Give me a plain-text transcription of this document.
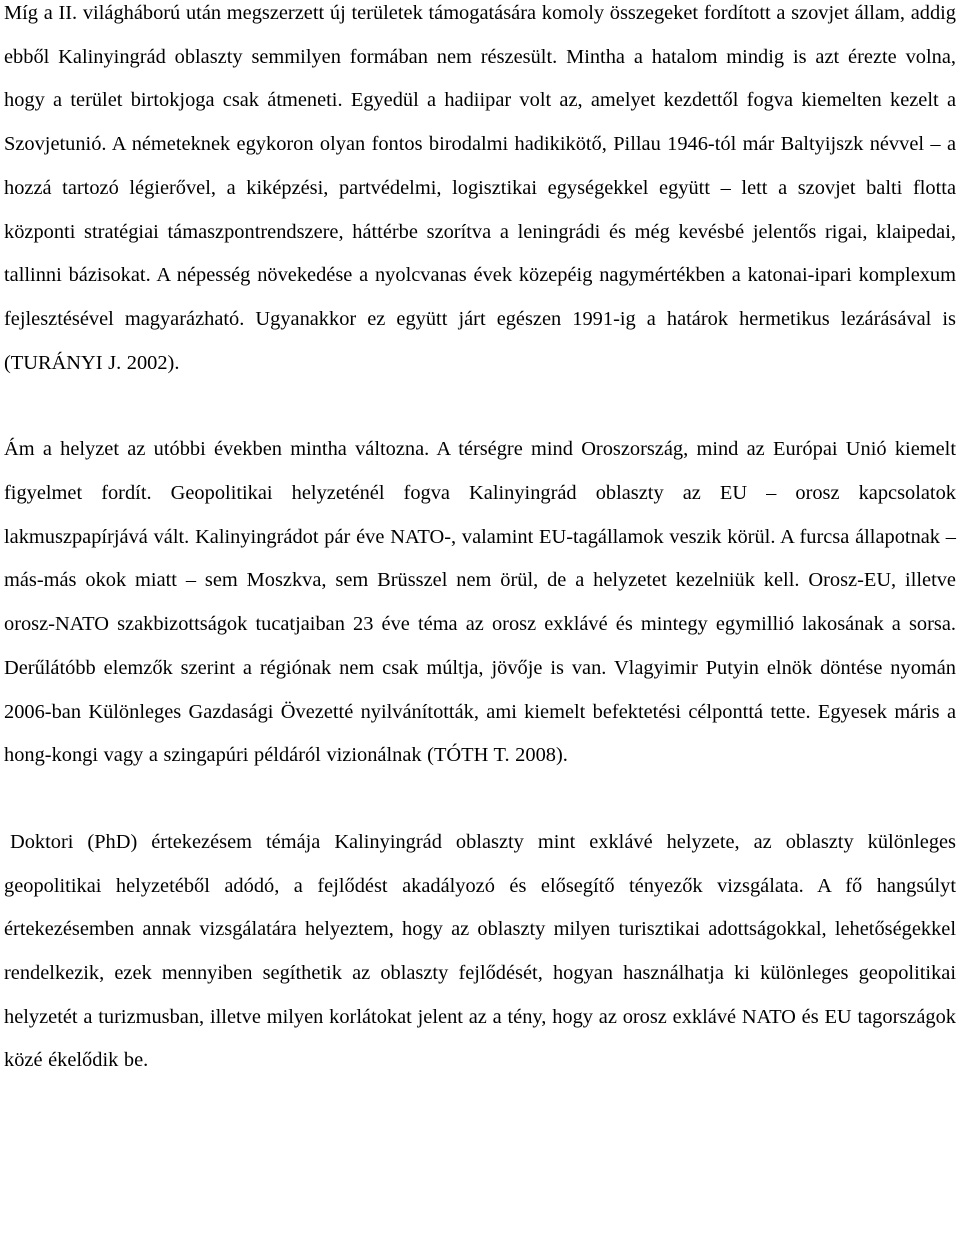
Míg a II. világháború után megszerzett új területek támogatására komoly összegeket fordított a szovjet állam, addig ebből Kalinyingrád oblaszty semmilyen formában nem részesült. Mintha a hatalom mindig is azt érezte volna, hogy a terület birtokjoga csak átmeneti. Egyedül a hadiipar volt az, amelyet kezdettől fogva kiemelten kezelt a Szovjetunió. A németeknek egykoron olyan fontos birodalmi hadikikötő, Pillau 1946-tól már Baltyijszk névvel – a hozzá tartozó légierővel, a kiképzési, partvédelmi, logisztikai egységekkel együtt – lett a szovjet balti flotta központi stratégiai támaszpontrendszere, háttérbe szorítva a leningrádi és még kevésbé jelentős rigai, klaipedai, tallinni bázisokat. A népesség növekedése a nyolcvanas évek közepéig nagymértékben a katonai-ipari komplexum fejlesztésével magyarázható. Ugyanakkor ez együtt járt egészen 1991-ig a határok hermetikus lezárásával is (TURÁNYI J. 2002).

Ám a helyzet az utóbbi években mintha változna. A térségre mind Oroszország, mind az Európai Unió kiemelt figyelmet fordít. Geopolitikai helyzeténél fogva Kalinyingrád oblaszty az EU – orosz kapcsolatok lakmuszpapírjává vált. Kalinyingrádot pár éve NATO-, valamint EU-tagállamok veszik körül. A furcsa állapotnak – más-más okok miatt – sem Moszkva, sem Brüsszel nem örül, de a helyzetet kezelniük kell. Orosz-EU, illetve orosz-NATO szakbizottságok tucatjaiban 23 éve téma az orosz exklávé és mintegy egymillió lakosának a sorsa. Derűlátóbb elemzők szerint a régiónak nem csak múltja, jövője is van. Vlagyimir Putyin elnök döntése nyomán 2006-ban Különleges Gazdasági Övezetté nyilvánították, ami kiemelt befektetési célponttá tette. Egyesek máris a hong-kongi vagy a szingapúri példáról vizionálnak (TÓTH T. 2008).

Doktori (PhD) értekezésem témája Kalinyingrád oblaszty mint exklávé helyzete, az oblaszty különleges geopolitikai helyzetéből adódó, a fejlődést akadályozó és elősegítő tényezők vizsgálata. A fő hangsúlyt értekezésemben annak vizsgálatára helyeztem, hogy az oblaszty milyen turisztikai adottságokkal, lehetőségekkel rendelkezik, ezek mennyiben segíthetik az oblaszty fejlődését, hogyan használhatja ki különleges geopolitikai helyzetét a turizmusban, illetve milyen korlátokat jelent az a tény, hogy az orosz exklávé NATO és EU tagországok közé ékelődik be.
